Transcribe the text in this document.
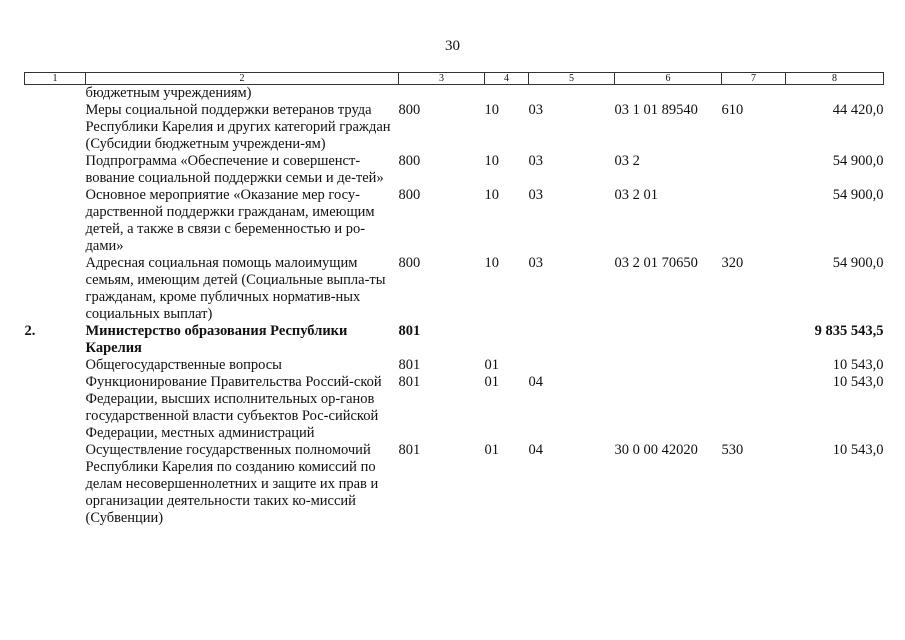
30
1	2	3	4	5	6	7	8
	бюджетным учреждениям)						
	Меры социальной поддержки ветеранов труда Республики Карелия и других категорий граждан (Субсидии бюджетным учреждени-ям)	800	10	03	03 1 01 89540	610	44 420,0
	Подпрограмма «Обеспечение и совершенст-вование социальной поддержки семьи и де-тей»	800	10	03	03 2		54 900,0
	Основное мероприятие «Оказание мер госу-дарственной поддержки гражданам, имеющим детей, а также в связи с беременностью и ро-дами»	800	10	03	03 2 01		54 900,0
	Адресная социальная помощь малоимущим семьям, имеющим детей (Социальные выпла-ты гражданам, кроме публичных норматив-ных социальных выплат)	800	10	03	03 2 01 70650	320	54 900,0
2.	Министерство образования Республики Карелия	801					9 835 543,5
	Общегосударственные вопросы	801	01				10 543,0
	Функционирование Правительства Россий-ской Федерации, высших исполнительных ор-ганов государственной власти субъектов Рос-сийской Федерации, местных администраций	801	01	04			10 543,0
	Осуществление государственных полномочий Республики Карелия по созданию комиссий по делам несовершеннолетних и защите их прав и организации деятельности таких ко-миссий (Субвенции)	801	01	04	30 0 00 42020	530	10 543,0
